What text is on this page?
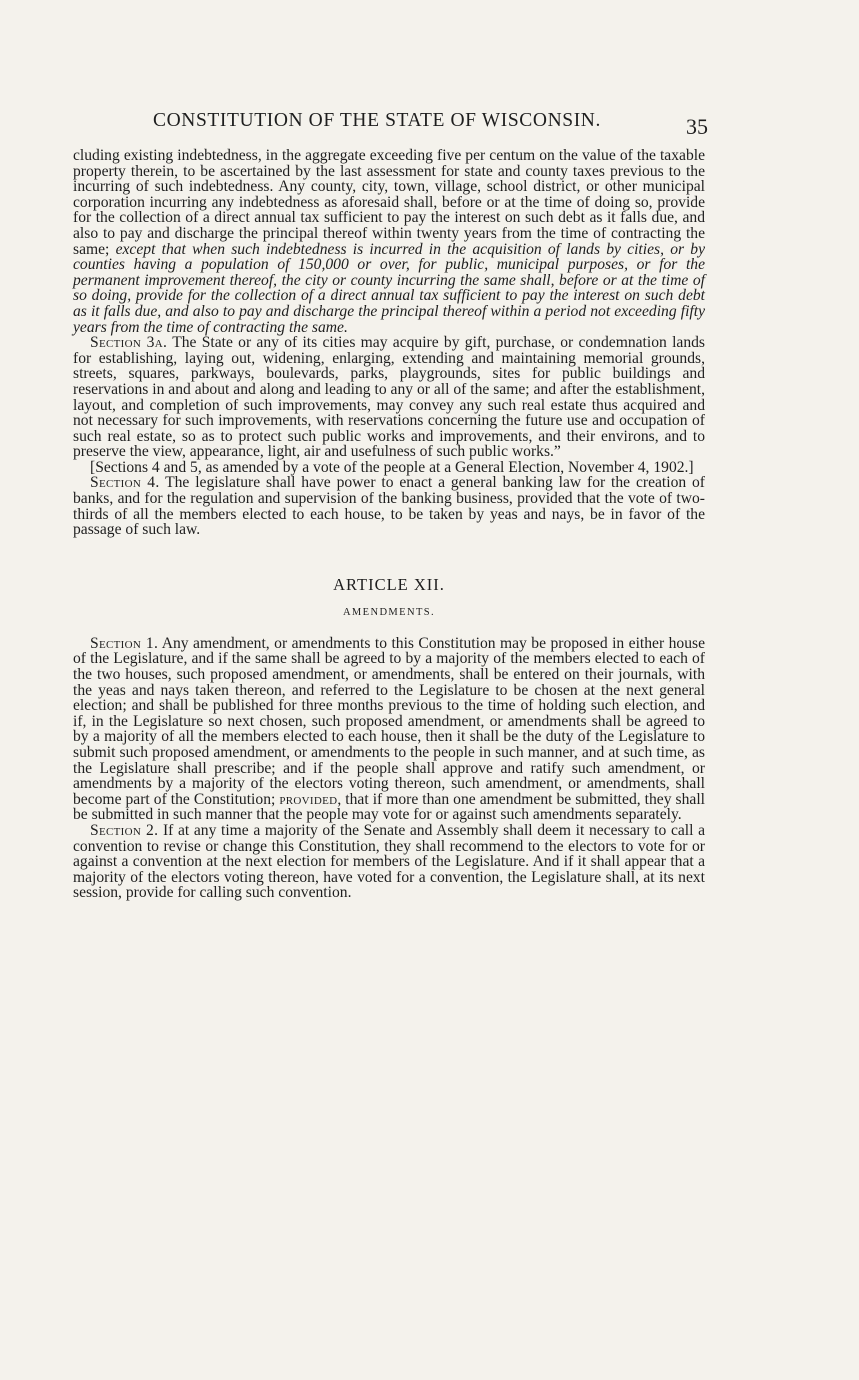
CONSTITUTION OF THE STATE OF WISCONSIN.	35

cluding existing indebtedness, in the aggregate exceeding five per centum on the value of the taxable property therein, to be ascertained by the last assessment for state and county taxes previous to the incurring of such indebtedness. Any county, city, town, village, school district, or other municipal corporation incurring any indebtedness as aforesaid shall, before or at the time of doing so, provide for the collection of a direct annual tax sufficient to pay the interest on such debt as it falls due, and also to pay and discharge the principal thereof within twenty years from the time of contracting the same; except that when such indebtedness is incurred in the acquisition of lands by cities, or by counties having a population of 150,000 or over, for public, municipal purposes, or for the permanent improvement thereof, the city or county incurring the same shall, before or at the time of so doing, provide for the collection of a direct annual tax sufficient to pay the interest on such debt as it falls due, and also to pay and discharge the principal thereof within a period not exceeding fifty years from the time of contracting the same.

Section 3a. The State or any of its cities may acquire by gift, purchase, or condemnation lands for establishing, laying out, widening, enlarging, extending and maintaining memorial grounds, streets, squares, parkways, boulevards, parks, playgrounds, sites for public buildings and reservations in and about and along and leading to any or all of the same; and after the establishment, layout, and completion of such improvements, may convey any such real estate thus acquired and not necessary for such improvements, with reservations concerning the future use and occupation of such real estate, so as to protect such public works and improvements, and their environs, and to preserve the view, appearance, light, air and usefulness of such public works.”

[Sections 4 and 5, as amended by a vote of the people at a General Election, November 4, 1902.]

Section 4. The legislature shall have power to enact a general banking law for the creation of banks, and for the regulation and supervision of the banking business, provided that the vote of two-thirds of all the members elected to each house, to be taken by yeas and nays, be in favor of the passage of such law.

ARTICLE XII.
AMENDMENTS.

Section 1. Any amendment, or amendments to this Constitution may be proposed in either house of the Legislature, and if the same shall be agreed to by a majority of the members elected to each of the two houses, such proposed amendment, or amendments, shall be entered on their journals, with the yeas and nays taken thereon, and referred to the Legislature to be chosen at the next general election; and shall be published for three months previous to the time of holding such election, and if, in the Legislature so next chosen, such proposed amendment, or amendments shall be agreed to by a majority of all the members elected to each house, then it shall be the duty of the Legislature to submit such proposed amendment, or amendments to the people in such manner, and at such time, as the Legislature shall prescribe; and if the people shall approve and ratify such amendment, or amendments by a majority of the electors voting thereon, such amendment, or amendments, shall become part of the Constitution; provided, that if more than one amendment be submitted, they shall be submitted in such manner that the people may vote for or against such amendments separately.

Section 2. If at any time a majority of the Senate and Assembly shall deem it necessary to call a convention to revise or change this Constitution, they shall recommend to the electors to vote for or against a convention at the next election for members of the Legislature. And if it shall appear that a majority of the electors voting thereon, have voted for a convention, the Legislature shall, at its next session, provide for calling such convention.
